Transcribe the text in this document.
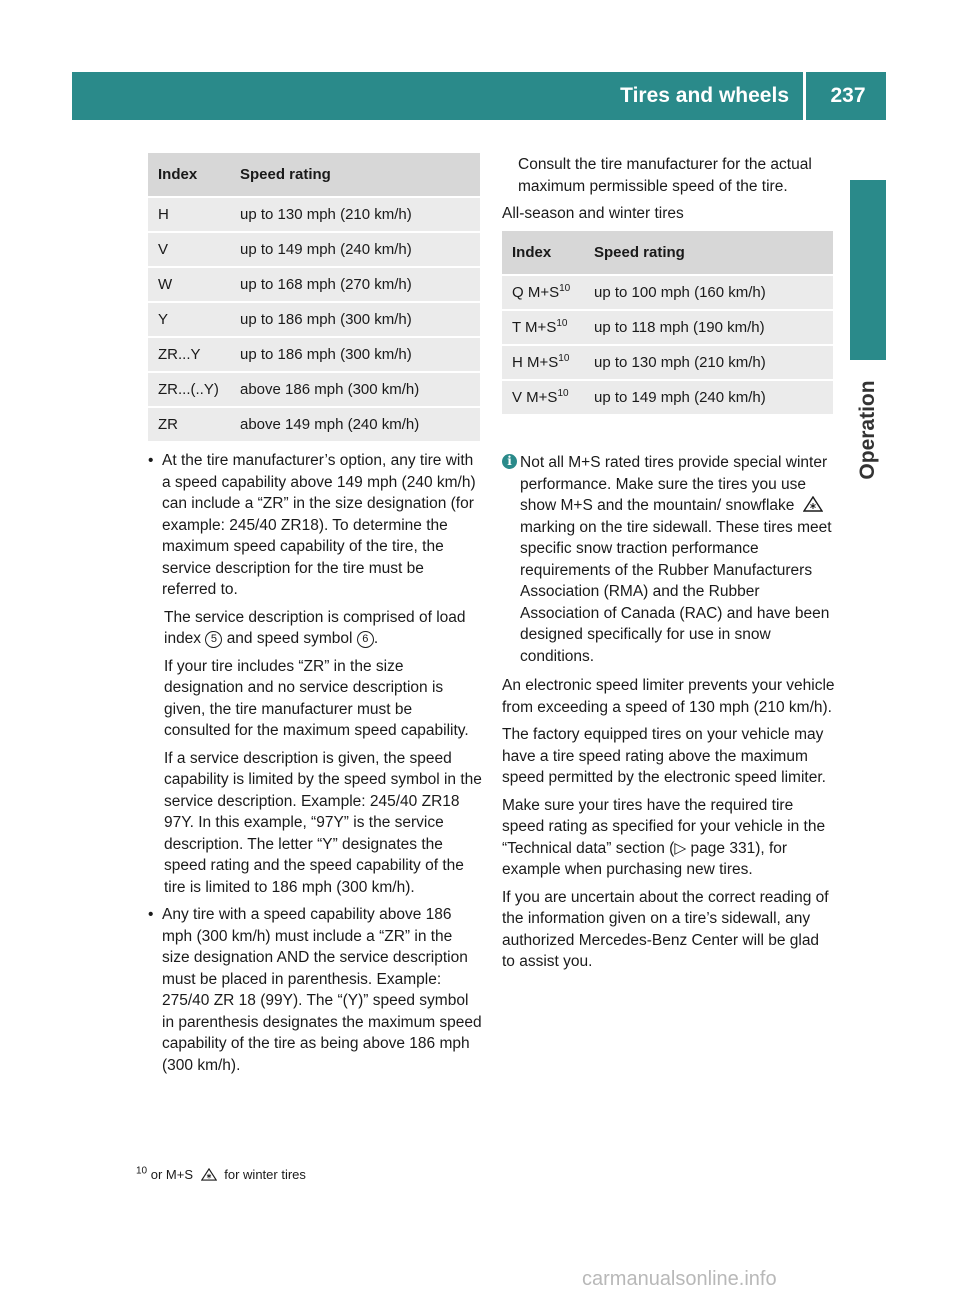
Tires and wheels	237
Operation
Index	Speed rating
H	up to 130 mph (210 km/h)
V	up to 149 mph (240 km/h)
W	up to 168 mph (270 km/h)
Y	up to 186 mph (300 km/h)
ZR...Y	up to 186 mph (300 km/h)
ZR...(..Y)	above 186 mph (300 km/h)
ZR	above 149 mph (240 km/h)
• At the tire manufacturer’s option, any tire with a speed capability above 149 mph (240 km/h) can include a “ZR” in the size designation (for example: 245/40 ZR18). To determine the maximum speed capability of the tire, the service description for the tire must be referred to.
The service description is comprised of load index 5 and speed symbol 6 .
If your tire includes “ZR” in the size designation and no service description is given, the tire manufacturer must be consulted for the maximum speed capability.
If a service description is given, the speed capability is limited by the speed symbol in the service description. Example: 245/40 ZR18 97Y. In this example, “97Y” is the service description. The letter “Y” designates the speed rating and the speed capability of the tire is limited to 186 mph (300 km/h).
• Any tire with a speed capability above 186 mph (300 km/h) must include a “ZR” in the size designation AND the service description must be placed in parenthesis. Example: 275/40 ZR 18 (99Y). The “(Y)” speed symbol in parenthesis designates the maximum speed capability of the tire as being above 186 mph (300 km/h).
Consult the tire manufacturer for the actual maximum permissible speed of the tire.

All-season and winter tires

Index	Speed rating
Q $M+S^{10}$	up to 100 mph (160 km/h)
T $M+S^{10}$	up to 118 mph (190 km/h)
H $M+S^{10}$	up to 130 mph (210 km/h)
V $M+S^{10}$	up to 149 mph (240 km/h)
i Not all M+S rated tires provide special winter performance. Make sure the tires you use show M+S and the mountain/ snowflake  marking on the tire sidewall. These tires meet specific snow traction performance requirements of the Rubber Manufacturers Association (RMA) and the Rubber Association of Canada (RAC) and have been designed specifically for use in snow conditions.

An electronic speed limiter prevents your vehicle from exceeding a speed of 130 mph (210 km/h).

The factory equipped tires on your vehicle may have a tire speed rating above the maximum speed permitted by the electronic speed limiter.

Make sure your tires have the required tire speed rating as specified for your vehicle in the “Technical data” section (▷ page 331), for example when purchasing new tires.

If you are uncertain about the correct reading of the information given on a tire’s sidewall, any authorized Mercedes-Benz Center will be glad to assist you.

$^{10}$ or M+S for winter tires
carmanualsonline.info
